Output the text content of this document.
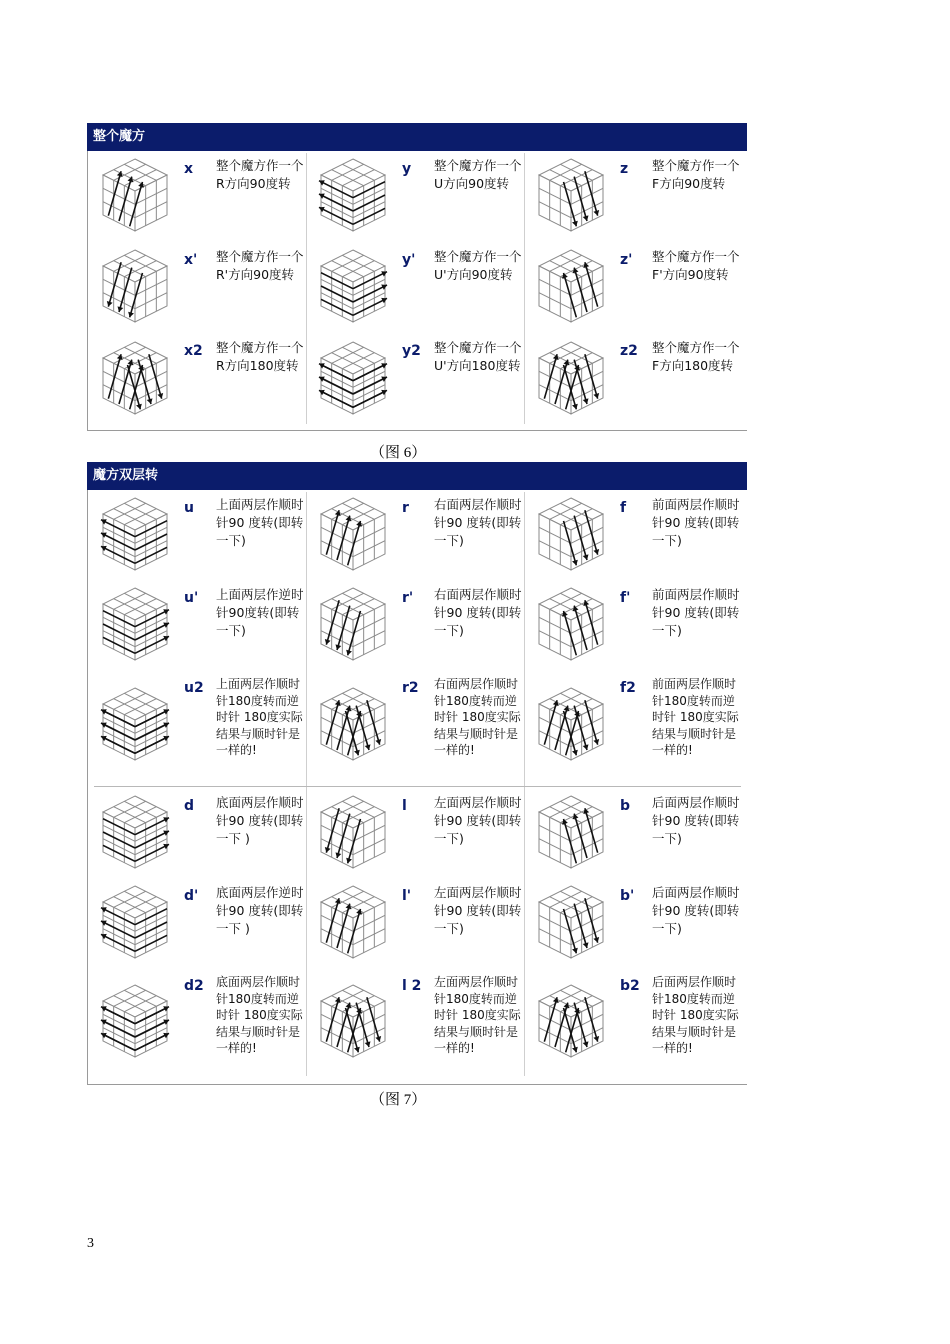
整个魔方
x 整个魔方作一个R方向90度转
y 整个魔方作一个U方向90度转
z 整个魔方作一个F方向90度转
x' 整个魔方作一个R'方向90度转
y' 整个魔方作一个U'方向90度转
z' 整个魔方作一个F'方向90度转
x2 整个魔方作一个R方向180度转
y2 整个魔方作一个U'方向180度转
z2 整个魔方作一个F方向180度转
（图 6）
魔方双层转
u 上面两层作顺时针90 度转(即转一下)
r 右面两层作顺时针90 度转(即转一下)
f 前面两层作顺时针90 度转(即转一下)
u' 上面两层作逆时针90度转(即转一下)
r' 右面两层作顺时针90 度转(即转一下)
f' 前面两层作顺时针90 度转(即转一下)
u2 上面两层作顺时针180度转而逆时针 180度实际结果与顺时针是一样的!
r2 右面两层作顺时针180度转而逆时针 180度实际结果与顺时针是一样的!
f2 前面两层作顺时针180度转而逆时针 180度实际结果与顺时针是一样的!
d 底面两层作顺时针90 度转(即转一下 )
l 左面两层作顺时针90 度转(即转一下)
b 后面两层作顺时针90 度转(即转一下)
d' 底面两层作逆时针90 度转(即转一下 )
l' 左面两层作顺时针90 度转(即转一下)
b' 后面两层作顺时针90 度转(即转一下)
d2 底面两层作顺时针180度转而逆时针 180度实际结果与顺时针是一样的!
l 2 左面两层作顺时针180度转而逆时针 180度实际结果与顺时针是一样的!
b2 后面两层作顺时针180度转而逆时针 180度实际结果与顺时针是一样的!
（图 7）
3
